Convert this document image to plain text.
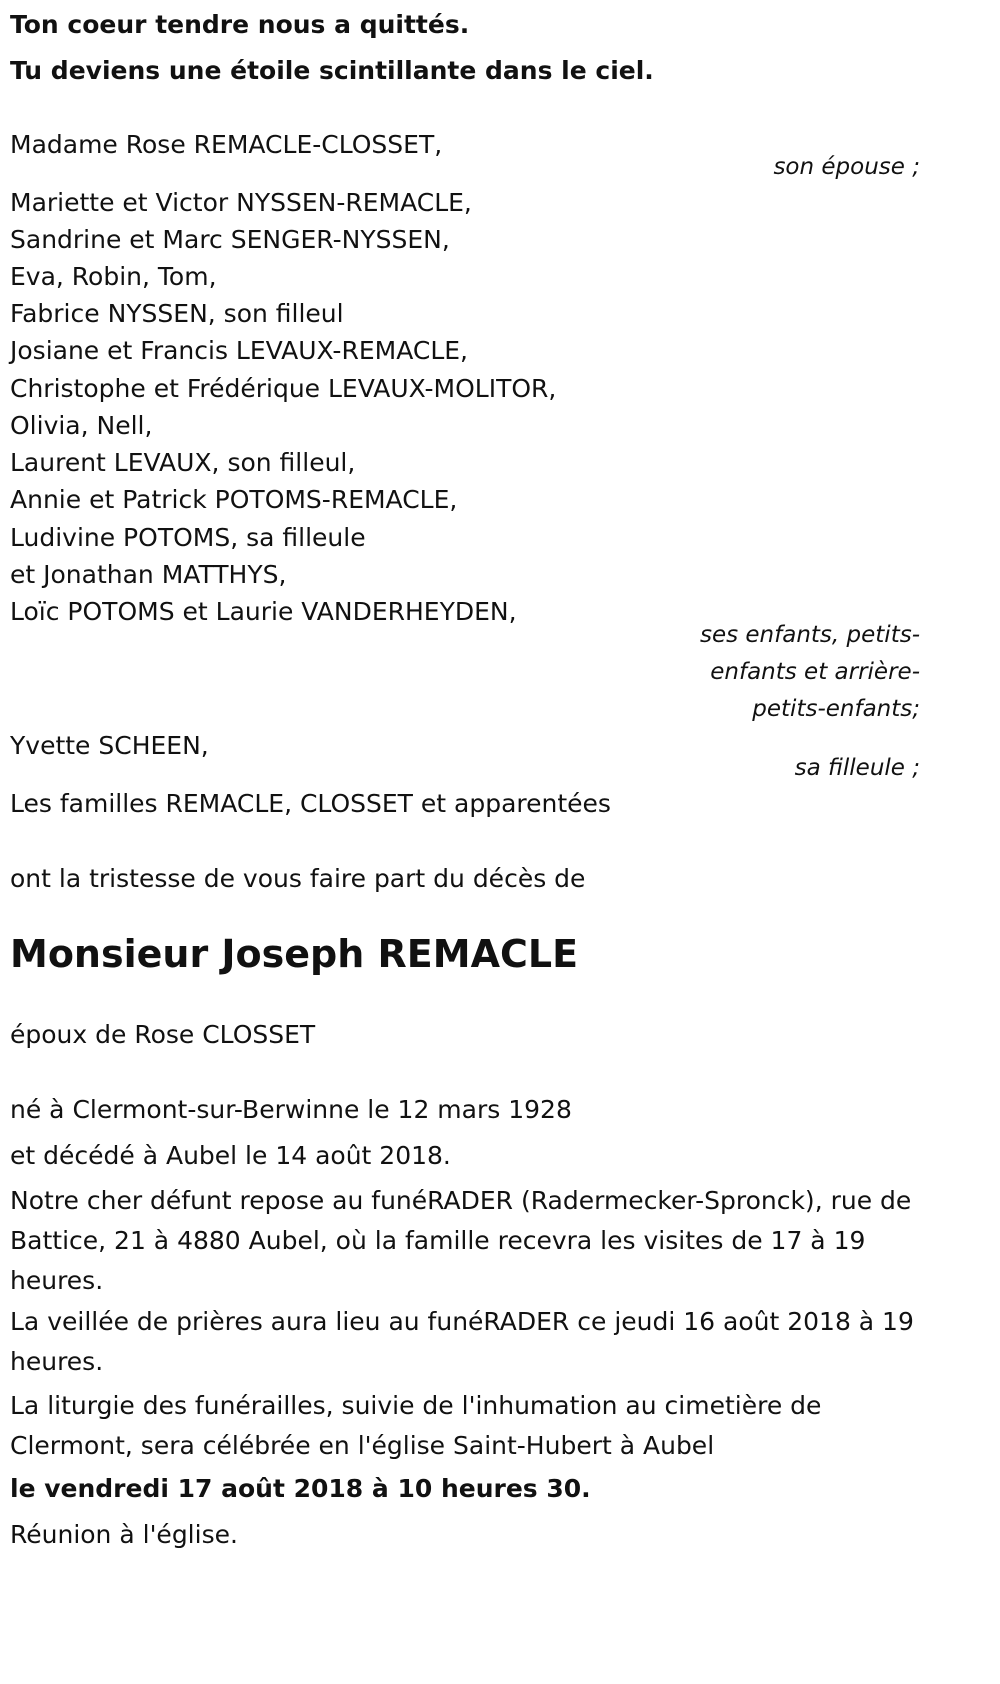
Ton coeur tendre nous a quittés.
Tu deviens une étoile scintillante dans le ciel.
Madame Rose REMACLE-CLOSSET,
son épouse ;
Mariette et Victor NYSSEN-REMACLE,
Sandrine et Marc SENGER-NYSSEN,
Eva, Robin, Tom,
Fabrice NYSSEN, son filleul
Josiane et Francis LEVAUX-REMACLE,
Christophe et Frédérique LEVAUX-MOLITOR,
Olivia, Nell,
Laurent LEVAUX, son filleul,
Annie et Patrick POTOMS-REMACLE,
Ludivine POTOMS, sa filleule
et Jonathan MATTHYS,
Loïc POTOMS et Laurie VANDERHEYDEN,
ses enfants, petits-
enfants et arrière-
petits-enfants;
Yvette SCHEEN,
sa filleule ;
Les familles REMACLE, CLOSSET et apparentées
ont la tristesse de vous faire part du décès de
Monsieur Joseph REMACLE
époux de Rose CLOSSET
né à Clermont-sur-Berwinne le 12 mars 1928
et décédé à Aubel le 14 août 2018.
Notre cher défunt repose au funéRADER (Radermecker-Spronck), rue de Battice, 21 à 4880 Aubel, où la famille recevra les visites de 17 à 19 heures.
La veillée de prières aura lieu au funéRADER ce jeudi 16 août 2018 à 19 heures.
La liturgie des funérailles, suivie de l'inhumation au cimetière de Clermont, sera célébrée en l'église Saint-Hubert à Aubel
le vendredi 17 août 2018 à 10 heures 30.
Réunion à l'église.
